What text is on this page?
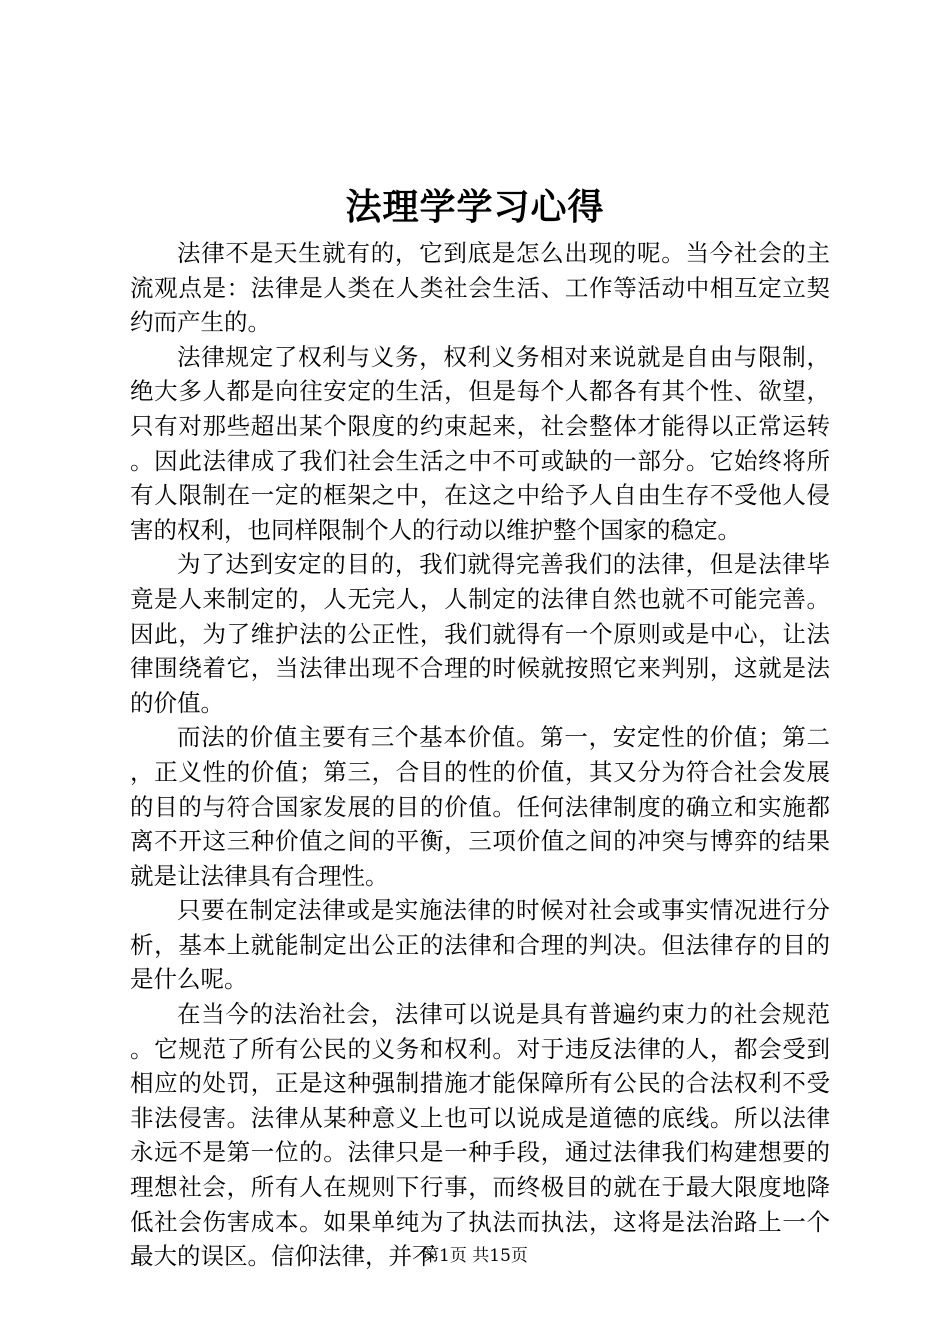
法理学学习心得

法律不是天生就有的，它到底是怎么出现的呢。当今社会的主流观点是：法律是人类在人类社会生活、工作等活动中相互定立契约而产生的。

法律规定了权利与义务，权利义务相对来说就是自由与限制，绝大多人都是向往安定的生活，但是每个人都各有其个性、欲望，只有对那些超出某个限度的约束起来，社会整体才能得以正常运转。因此法律成了我们社会生活之中不可或缺的一部分。它始终将所有人限制在一定的框架之中，在这之中给予人自由生存不受他人侵害的权利，也同样限制个人的行动以维护整个国家的稳定。

为了达到安定的目的，我们就得完善我们的法律，但是法律毕竟是人来制定的，人无完人，人制定的法律自然也就不可能完善。因此，为了维护法的公正性，我们就得有一个原则或是中心，让法律围绕着它，当法律出现不合理的时候就按照它来判别，这就是法的价值。

而法的价值主要有三个基本价值。第一，安定性的价值；第二，正义性的价值；第三，合目的性的价值，其又分为符合社会发展的目的与符合国家发展的目的价值。任何法律制度的确立和实施都离不开这三种价值之间的平衡，三项价值之间的冲突与博弈的结果就是让法律具有合理性。

只要在制定法律或是实施法律的时候对社会或事实情况进行分析，基本上就能制定出公正的法律和合理的判决。但法律存的目的是什么呢。

在当今的法治社会，法律可以说是具有普遍约束力的社会规范。它规范了所有公民的义务和权利。对于违反法律的人，都会受到相应的处罚，正是这种强制措施才能保障所有公民的合法权利不受非法侵害。法律从某种意义上也可以说成是道德的底线。所以法律永远不是第一位的。法律只是一种手段，通过法律我们构建想要的理想社会，所有人在规则下行事，而终极目的就在于最大限度地降低社会伤害成本。如果单纯为了执法而执法，这将是法治路上一个最大的误区。信仰法律，并不

第1页 共15页
